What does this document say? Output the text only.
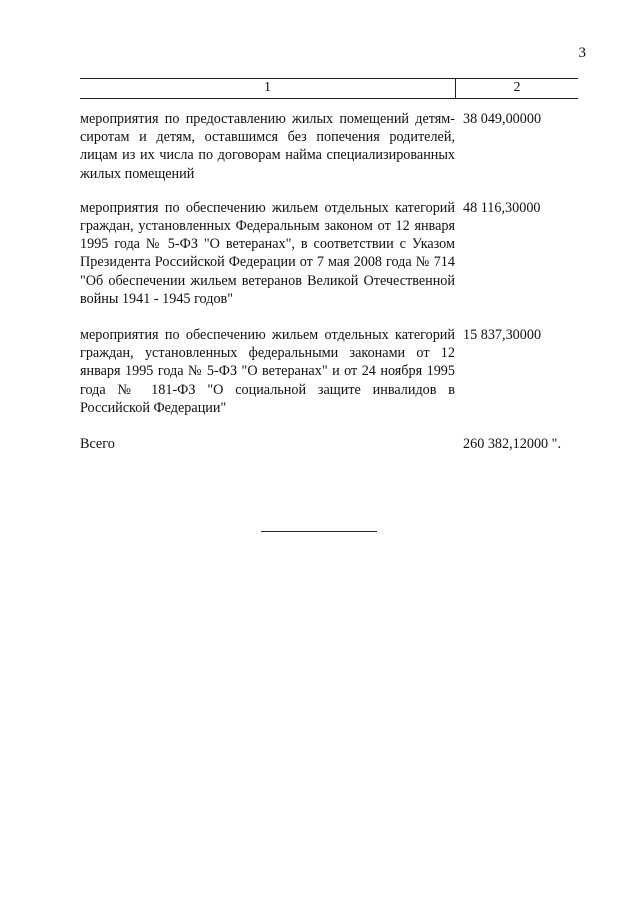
3
1	2
мероприятия по предоставлению жилых помещений детям-сиротам и детям, оставшимся без попечения родителей, лицам из их числа по договорам найма специализированных жилых помещений
38 049,00000
мероприятия по обеспечению жильем отдельных категорий граждан, установленных Федеральным законом от 12 января 1995 года № 5-ФЗ "О ветеранах", в соответствии с Указом Президента Российской Федерации от 7 мая 2008 года № 714 "Об обеспечении жильем ветеранов Великой Отечественной войны 1941 - 1945 годов"
48 116,30000
мероприятия по обеспечению жильем отдельных категорий граждан, установленных федеральными законами от 12 января 1995 года № 5-ФЗ "О ветеранах" и от 24 ноября 1995 года № 181-ФЗ "О социальной защите инвалидов в Российской Федерации"
15 837,30000
Всего	260 382,12000 ".
